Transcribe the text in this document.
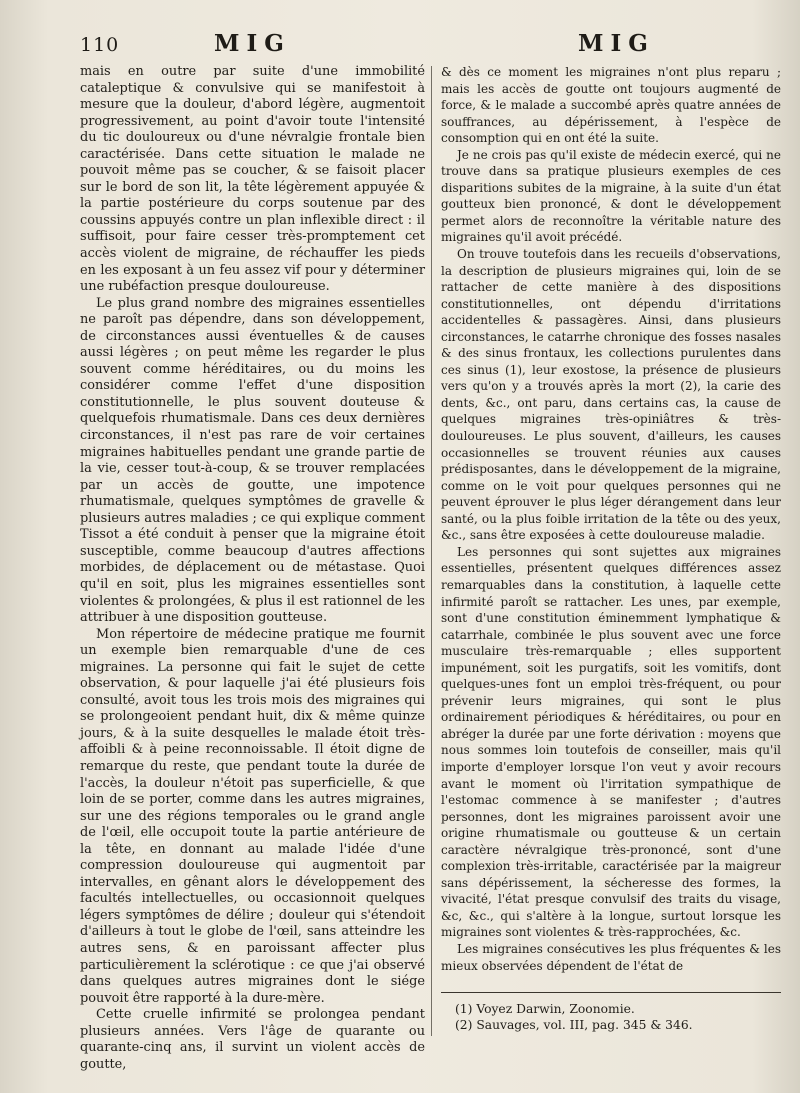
110	MIG	MIG

mais en outre par suite d'une immobilité cataleptique & convulsive qui se manifestoit à mesure que la douleur, d'abord légère, augmentoit progressivement, au point d'avoir toute l'intensité du tic douloureux ou d'une névralgie frontale bien caractérisée. Dans cette situation le malade ne pouvoit même pas se coucher, & se faisoit placer sur le bord de son lit, la tête légèrement appuyée & la partie postérieure du corps soutenue par des coussins appuyés contre un plan inflexible direct : il suffisoit, pour faire cesser très-promptement cet accès violent de migraine, de réchauffer les pieds en les exposant à un feu assez vif pour y déterminer une rubéfaction presque douloureuse.

Le plus grand nombre des migraines essentielles ne paroît pas dépendre, dans son développement, de circonstances aussi éventuelles & de causes aussi légères ; on peut même les regarder le plus souvent comme héréditaires, ou du moins les considérer comme l'effet d'une disposition constitutionnelle, le plus souvent douteuse & quelquefois rhumatismale. Dans ces deux dernières circonstances, il n'est pas rare de voir certaines migraines habituelles pendant une grande partie de la vie, cesser tout-à-coup, & se trouver remplacées par un accès de goutte, une impotence rhumatismale, quelques symptômes de gravelle & plusieurs autres maladies ; ce qui explique comment Tissot a été conduit à penser que la migraine étoit susceptible, comme beaucoup d'autres affections morbides, de déplacement ou de métastase. Quoi qu'il en soit, plus les migraines essentielles sont violentes & prolongées, & plus il est rationnel de les attribuer à une disposition goutteuse.

Mon répertoire de médecine pratique me fournit un exemple bien remarquable d'une de ces migraines. La personne qui fait le sujet de cette observation, & pour laquelle j'ai été plusieurs fois consulté, avoit tous les trois mois des migraines qui se prolongeoient pendant huit, dix & même quinze jours, & à la suite desquelles le malade étoit très-affoibli & à peine reconnoissable. Il étoit digne de remarque du reste, que pendant toute la durée de l'accès, la douleur n'étoit pas superficielle, & que loin de se porter, comme dans les autres migraines, sur une des régions temporales ou le grand angle de l'œil, elle occupoit toute la partie antérieure de la tête, en donnant au malade l'idée d'une compression douloureuse qui augmentoit par intervalles, en gênant alors le développement des facultés intellectuelles, ou occasionnoit quelques légers symptômes de délire ; douleur qui s'étendoit d'ailleurs à tout le globe de l'œil, sans atteindre les autres sens, & en paroissant affecter plus particulièrement la sclérotique : ce que j'ai observé dans quelques autres migraines dont le siége pouvoit être rapporté à la dure-mère.

Cette cruelle infirmité se prolongea pendant plusieurs années. Vers l'âge de quarante ou quarante-cinq ans, il survint un violent accès de goutte,

& dès ce moment les migraines n'ont plus reparu ; mais les accès de goutte ont toujours augmenté de force, & le malade a succombé après quatre années de souffrances, au dépérissement, à l'espèce de consomption qui en ont été la suite.

Je ne crois pas qu'il existe de médecin exercé, qui ne trouve dans sa pratique plusieurs exemples de ces disparitions subites de la migraine, à la suite d'un état goutteux bien prononcé, & dont le développement permet alors de reconnoître la véritable nature des migraines qu'il avoit précédé.

On trouve toutefois dans les recueils d'observations, la description de plusieurs migraines qui, loin de se rattacher de cette manière à des dispositions constitutionnelles, ont dépendu d'irritations accidentelles & passagères. Ainsi, dans plusieurs circonstances, le catarrhe chronique des fosses nasales & des sinus frontaux, les collections purulentes dans ces sinus (1), leur exostose, la présence de plusieurs vers qu'on y a trouvés après la mort (2), la carie des dents, &c., ont paru, dans certains cas, la cause de quelques migraines très-opiniâtres & très-douloureuses. Le plus souvent, d'ailleurs, les causes occasionnelles se trouvent réunies aux causes prédisposantes, dans le développement de la migraine, comme on le voit pour quelques personnes qui ne peuvent éprouver le plus léger dérangement dans leur santé, ou la plus foible irritation de la tête ou des yeux, &c., sans être exposées à cette douloureuse maladie.

Les personnes qui sont sujettes aux migraines essentielles, présentent quelques différences assez remarquables dans la constitution, à laquelle cette infirmité paroît se rattacher. Les unes, par exemple, sont d'une constitution éminemment lymphatique & catarrhale, combinée le plus souvent avec une force musculaire très-remarquable ; elles supportent impunément, soit les purgatifs, soit les vomitifs, dont quelques-unes font un emploi très-fréquent, ou pour prévenir leurs migraines, qui sont le plus ordinairement périodiques & héréditaires, ou pour en abréger la durée par une forte dérivation : moyens que nous sommes loin toutefois de conseiller, mais qu'il importe d'employer lorsque l'on veut y avoir recours avant le moment où l'irritation sympathique de l'estomac commence à se manifester ; d'autres personnes, dont les migraines paroissent avoir une origine rhumatismale ou goutteuse & un certain caractère névralgique très-prononcé, sont d'une complexion très-irritable, caractérisée par la maigreur sans dépérissement, la sécheresse des formes, la vivacité, l'état presque convulsif des traits du visage, &c, &c., qui s'altère à la longue, surtout lorsque les migraines sont violentes & très-rapprochées, &c.

Les migraines consécutives les plus fréquentes & les mieux observées dépendent de l'état de

(1) Voyez Darwin, Zoonomie.

(2) Sauvages, vol. III, pag. 345 & 346.
